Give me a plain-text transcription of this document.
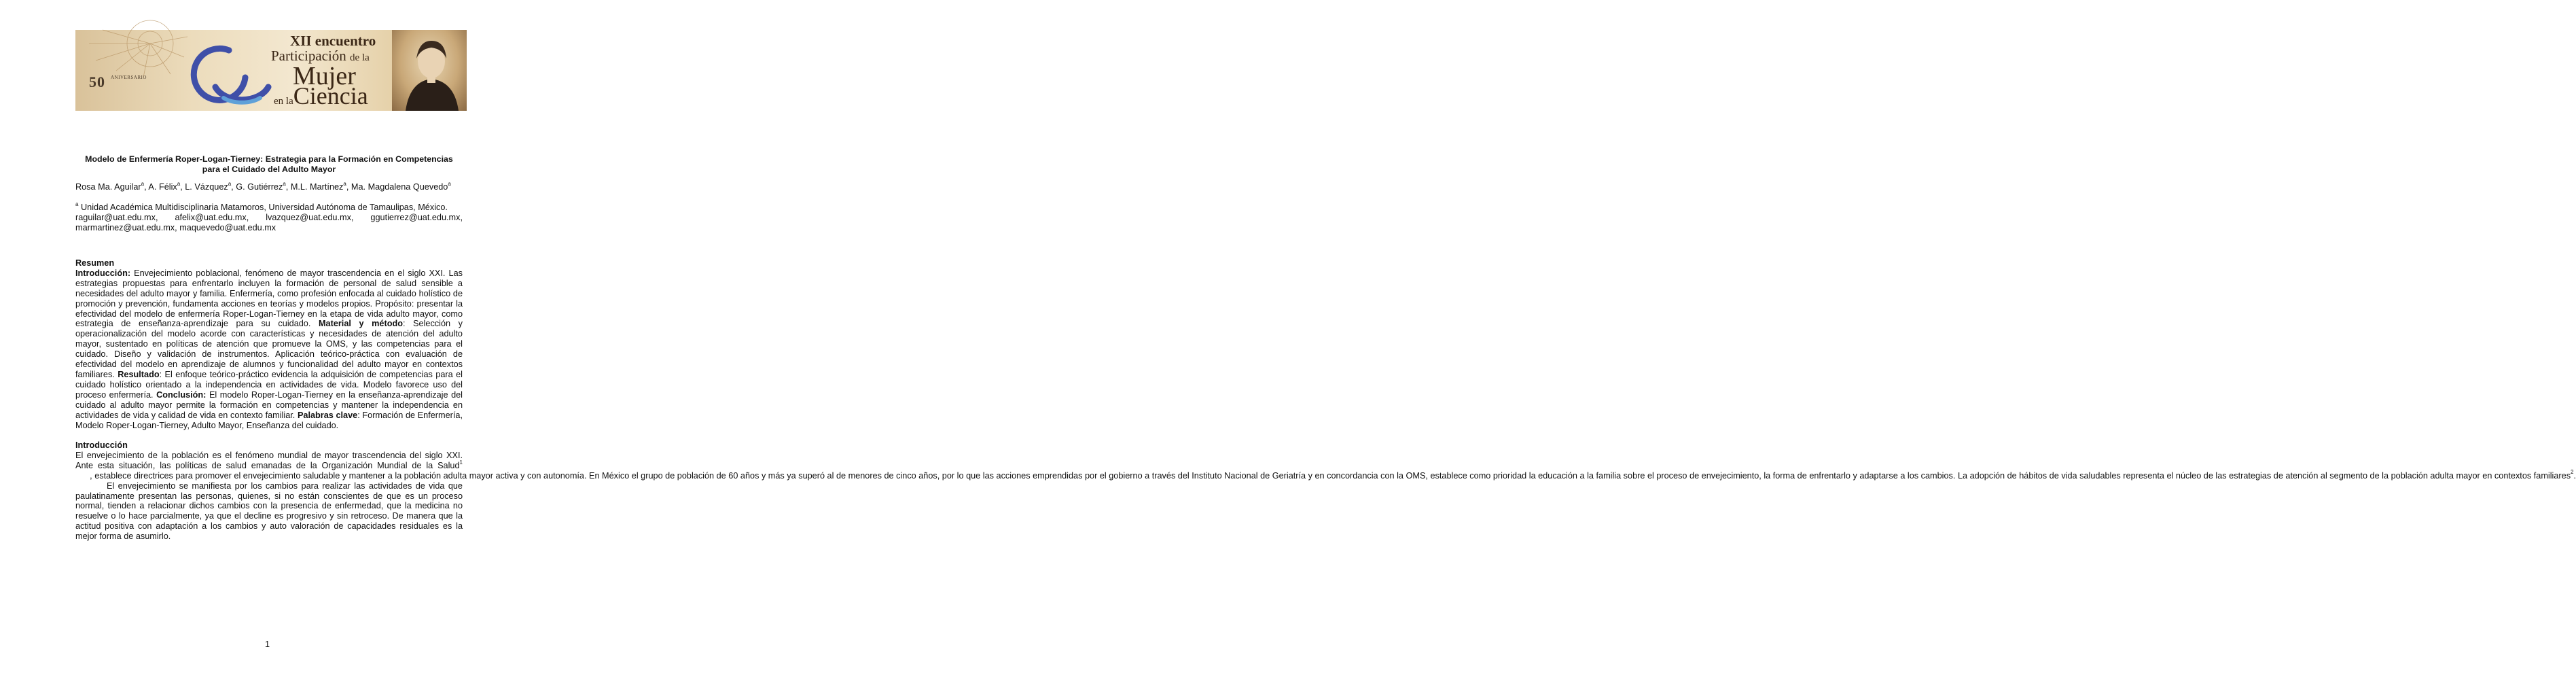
50 ANIVERSARIO
XII encuentro
Participación de la
Mujer
en laCiencia
Modelo de Enfermería Roper-Logan-Tierney: Estrategia para la Formación en Competencias
para el Cuidado del Adulto Mayor
Rosa Ma. Aguilar$^a$, A. Félix$^a$, L. Vázquez$^a$, G. Gutiérrez$^a$, M.L. Martínez$^a$, Ma. Magdalena Quevedo$^a$
$^a$ Unidad Académica Multidisciplinaria Matamoros, Universidad Autónoma de Tamaulipas, México.
raguilar@uat.edu.mx, afelix@uat.edu.mx, lvazquez@uat.edu.mx, ggutierrez@uat.edu.mx,
marmartinez@uat.edu.mx, maquevedo@uat.edu.mx
Resumen
Introducción: Envejecimiento poblacional, fenómeno de mayor trascendencia en el siglo XXI. Las estrategias propuestas para enfrentarlo incluyen la formación de personal de salud sensible a necesidades del adulto mayor y familia. Enfermería, como profesión enfocada al cuidado holístico de promoción y prevención, fundamenta acciones en teorías y modelos propios. Propósito: presentar la efectividad del modelo de enfermería Roper-Logan-Tierney en la etapa de vida adulto mayor, como estrategia de enseñanza-aprendizaje para su cuidado. Material y método: Selección y operacionalización del modelo acorde con características y necesidades de atención del adulto mayor, sustentado en políticas de atención que promueve la OMS, y las competencias para el cuidado. Diseño y validación de instrumentos. Aplicación teórico-práctica con evaluación de efectividad del modelo en aprendizaje de alumnos y funcionalidad del adulto mayor en contextos familiares. Resultado: El enfoque teórico-práctico evidencia la adquisición de competencias para el cuidado holístico orientado a la independencia en actividades de vida. Modelo favorece uso del proceso enfermería. Conclusión: El modelo Roper-Logan-Tierney en la enseñanza-aprendizaje del cuidado al adulto mayor permite la formación en competencias y mantener la independencia en actividades de vida y calidad de vida en contexto familiar. Palabras clave: Formación de Enfermería, Modelo Roper-Logan-Tierney, Adulto Mayor, Enseñanza del cuidado.
Introducción
El envejecimiento de la población es el fenómeno mundial de mayor trascendencia del siglo XXI. Ante esta situación, las políticas de salud emanadas de la Organización Mundial de la Salud$^1$      , establece directrices para promover el envejecimiento saludable y mantener a la población adulta mayor activa y con autonomía. En México el grupo de población de 60 años y más ya superó al de menores de cinco años, por lo que las acciones emprendidas por el gobierno a través del Instituto Nacional de Geriatría y en concordancia con la OMS, establece como prioridad la educación a la familia sobre el proceso de envejecimiento, la forma de enfrentarlo y adaptarse a los cambios. La adopción de hábitos de vida saludables representa el núcleo de las estrategias de atención al segmento de la población adulta mayor en contextos familiares$^2$.
El envejecimiento se manifiesta por los cambios para realizar las actividades de vida que paulatinamente presentan las personas, quienes, si no están conscientes de que es un proceso normal, tienden a relacionar dichos cambios con la presencia de enfermedad, que la medicina no resuelve o lo hace parcialmente, ya que el decline es progresivo y sin retroceso. De manera que la actitud positiva con adaptación a los cambios y auto valoración de capacidades residuales es la mejor forma de asumirlo.
1
